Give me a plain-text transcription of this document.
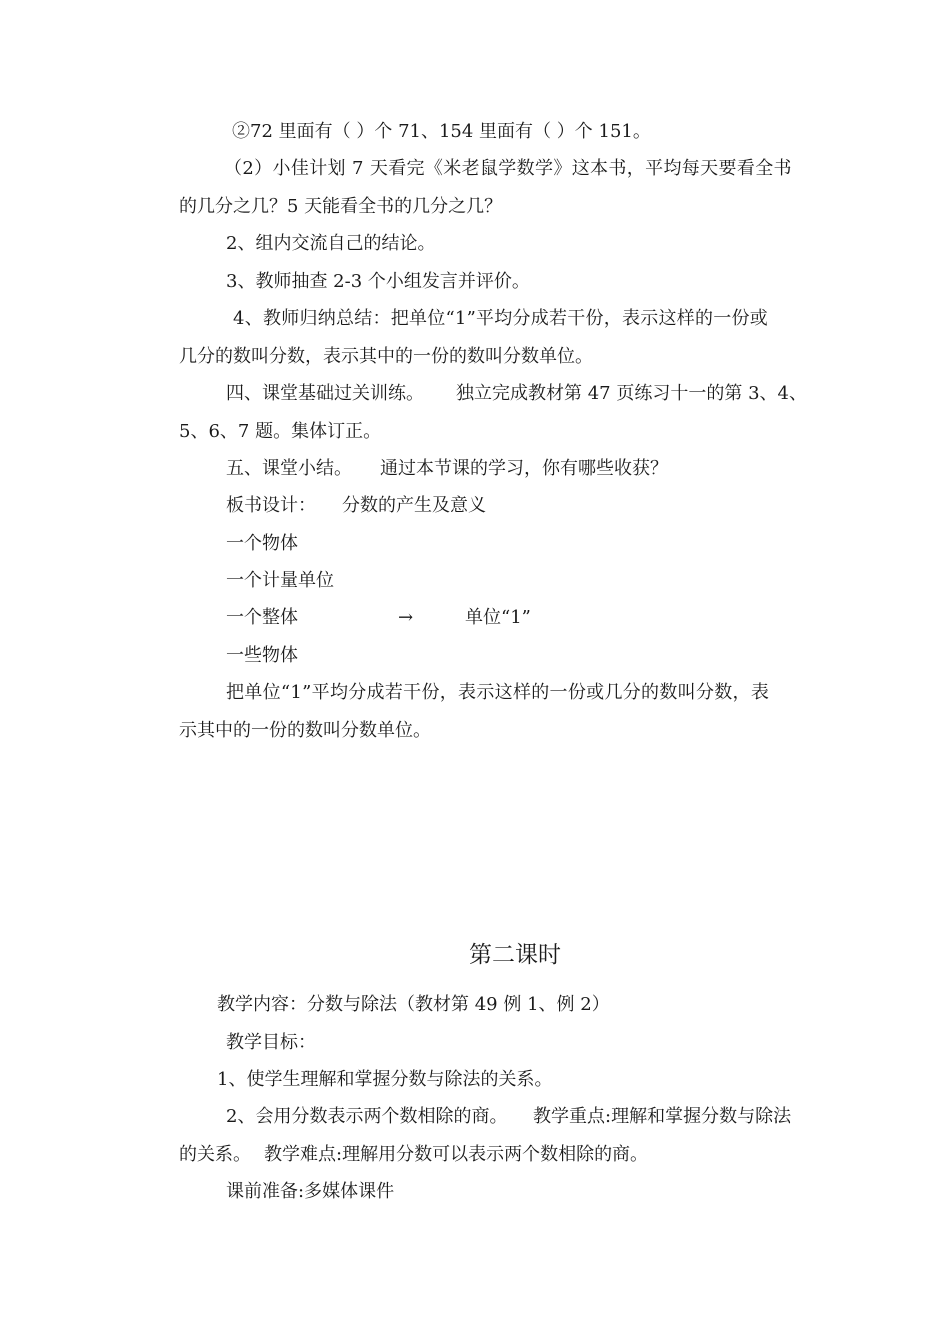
②72 里面有（ ）个 71、154 里面有（ ）个 151。
（2）小佳计划 7 天看完《米老鼠学数学》这本书，平均每天要看全书
的几分之几？5 天能看全书的几分之几？
2、组内交流自己的结论。
3、教师抽查 2-3 个小组发言并评价。
4、教师归纳总结：把单位“1”平均分成若干份，表示这样的一份或
几分的数叫分数，表示其中的一份的数叫分数单位。
四、课堂基础过关训练。 独立完成教材第 47 页练习十一的第 3、4、
5、6、7 题。集体订正。
五、课堂小结。 通过本节课的学习，你有哪些收获？
板书设计： 分数的产生及意义
一个物体
一个计量单位
一个整体	→	单位“1”
一些物体
把单位“1”平均分成若干份，表示这样的一份或几分的数叫分数，表
示其中的一份的数叫分数单位。
第二课时
教学内容：分数与除法（教材第 49 例 1、例 2）
教学目标：
1、使学生理解和掌握分数与除法的关系。
2、会用分数表示两个数相除的商。 教学重点:理解和掌握分数与除法
的关系。 教学难点:理解用分数可以表示两个数相除的商。
课前准备:多媒体课件
